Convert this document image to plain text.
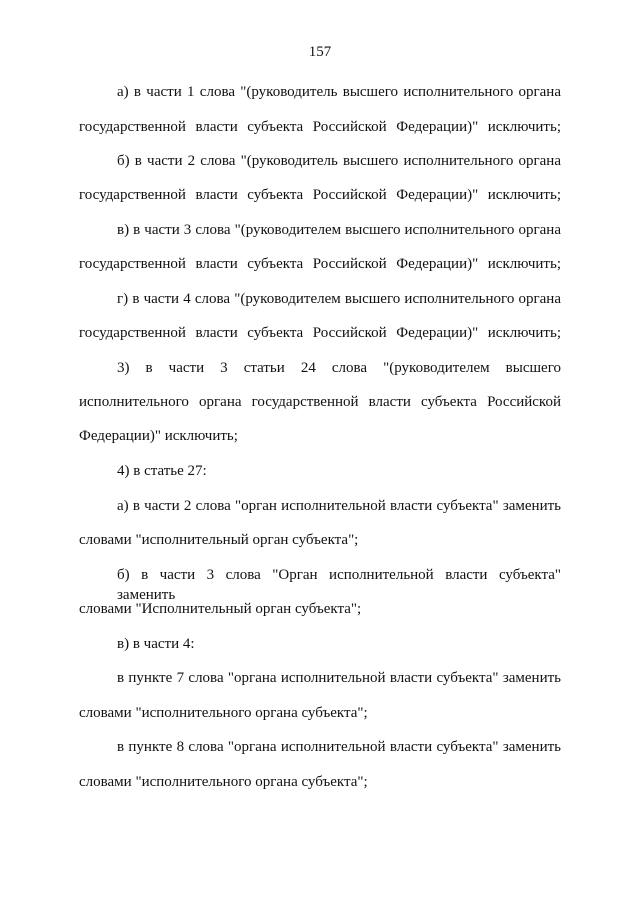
157
а) в части 1 слова "(руководитель высшего исполнительного органа
государственной власти субъекта Российской Федерации)" исключить;
б) в части 2 слова "(руководитель высшего исполнительного органа
государственной власти субъекта Российской Федерации)" исключить;
в) в части 3 слова "(руководителем высшего исполнительного органа
государственной власти субъекта Российской Федерации)" исключить;
г) в части 4 слова "(руководителем высшего исполнительного органа
государственной власти субъекта Российской Федерации)" исключить;
3) в части 3 статьи 24 слова "(руководителем высшего
исполнительного органа государственной власти субъекта Российской
Федерации)" исключить;
4) в статье 27:
а) в части 2 слова "орган исполнительной власти субъекта" заменить
словами "исполнительный орган субъекта";
б) в части 3 слова "Орган исполнительной власти субъекта" заменить
словами "Исполнительный орган субъекта";
в) в части 4:
в пункте 7 слова "органа исполнительной власти субъекта" заменить
словами "исполнительного органа субъекта";
в пункте 8 слова "органа исполнительной власти субъекта" заменить
словами "исполнительного органа субъекта";
